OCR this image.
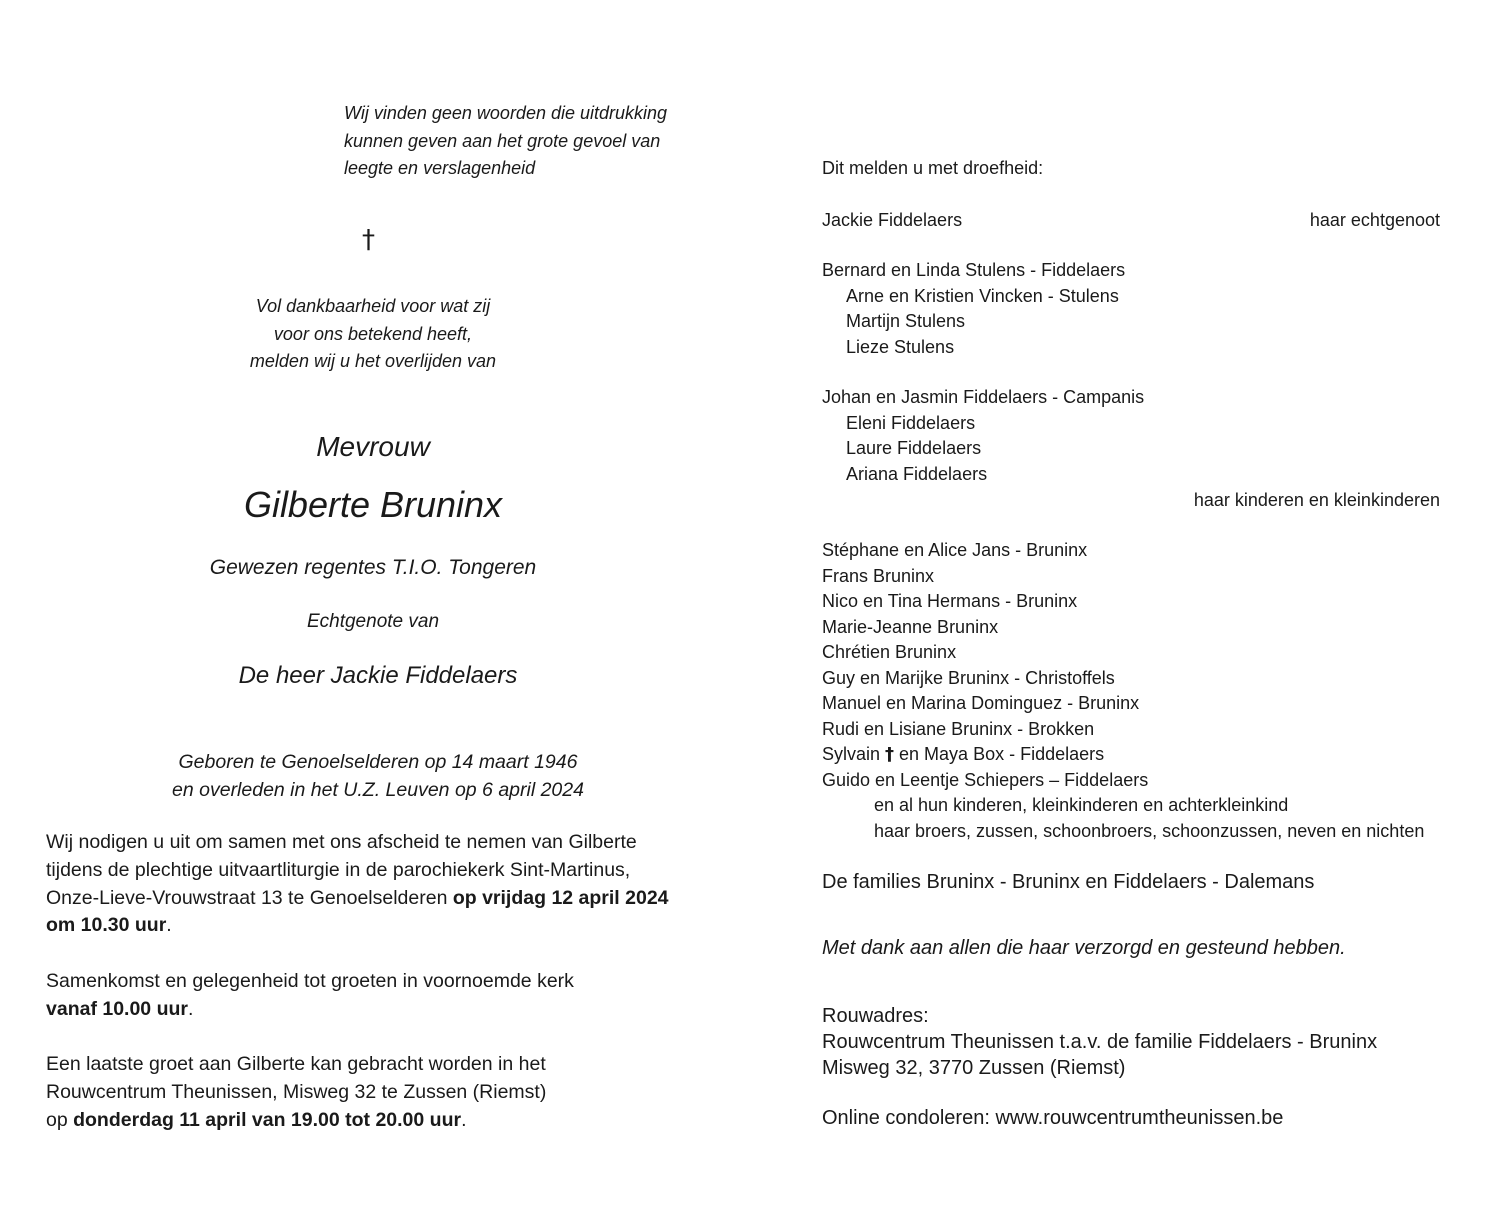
Wij vinden geen woorden die uitdrukking
kunnen geven aan het grote gevoel van
leegte en verslagenheid
†
Vol dankbaarheid voor wat zij
voor ons betekend heeft,
melden wij u het overlijden van
Mevrouw
Gilberte Bruninx
Gewezen regentes T.I.O. Tongeren
Echtgenote van
De heer Jackie Fiddelaers
Geboren te Genoelselderen op 14 maart 1946
en overleden in het U.Z. Leuven op 6 april 2024
Wij nodigen u uit om samen met ons afscheid te nemen van Gilberte
tijdens de plechtige uitvaartliturgie in de parochiekerk Sint-Martinus,
Onze-Lieve-Vrouwstraat 13 te Genoelselderen op vrijdag 12 april 2024
om 10.30 uur.
Samenkomst en gelegenheid tot groeten in voornoemde kerk
vanaf 10.00 uur.
Een laatste groet aan Gilberte kan gebracht worden in het
Rouwcentrum Theunissen, Misweg 32 te Zussen (Riemst)
op donderdag 11 april van 19.00 tot 20.00 uur.
Dit melden u met droefheid:
Jackie Fiddelaers	haar echtgenoot
Bernard en Linda Stulens - Fiddelaers
Arne en Kristien Vincken - Stulens
Martijn Stulens
Lieze Stulens
Johan en Jasmin Fiddelaers - Campanis
Eleni Fiddelaers
Laure Fiddelaers
Ariana Fiddelaers
haar kinderen en kleinkinderen
Stéphane en Alice Jans - Bruninx
Frans Bruninx
Nico en Tina Hermans - Bruninx
Marie-Jeanne Bruninx
Chrétien Bruninx
Guy en Marijke Bruninx - Christoffels
Manuel en Marina Dominguez - Bruninx
Rudi en Lisiane Bruninx - Brokken
Sylvain † en Maya Box - Fiddelaers
Guido en Leentje Schiepers – Fiddelaers
en al hun kinderen, kleinkinderen en achterkleinkind
haar broers, zussen, schoonbroers, schoonzussen, neven en nichten
De families Bruninx - Bruninx en Fiddelaers - Dalemans
Met dank aan allen die haar verzorgd en gesteund hebben.
Rouwadres:
Rouwcentrum Theunissen t.a.v. de familie Fiddelaers - Bruninx
Misweg 32, 3770 Zussen (Riemst)
Online condoleren: www.rouwcentrumtheunissen.be
